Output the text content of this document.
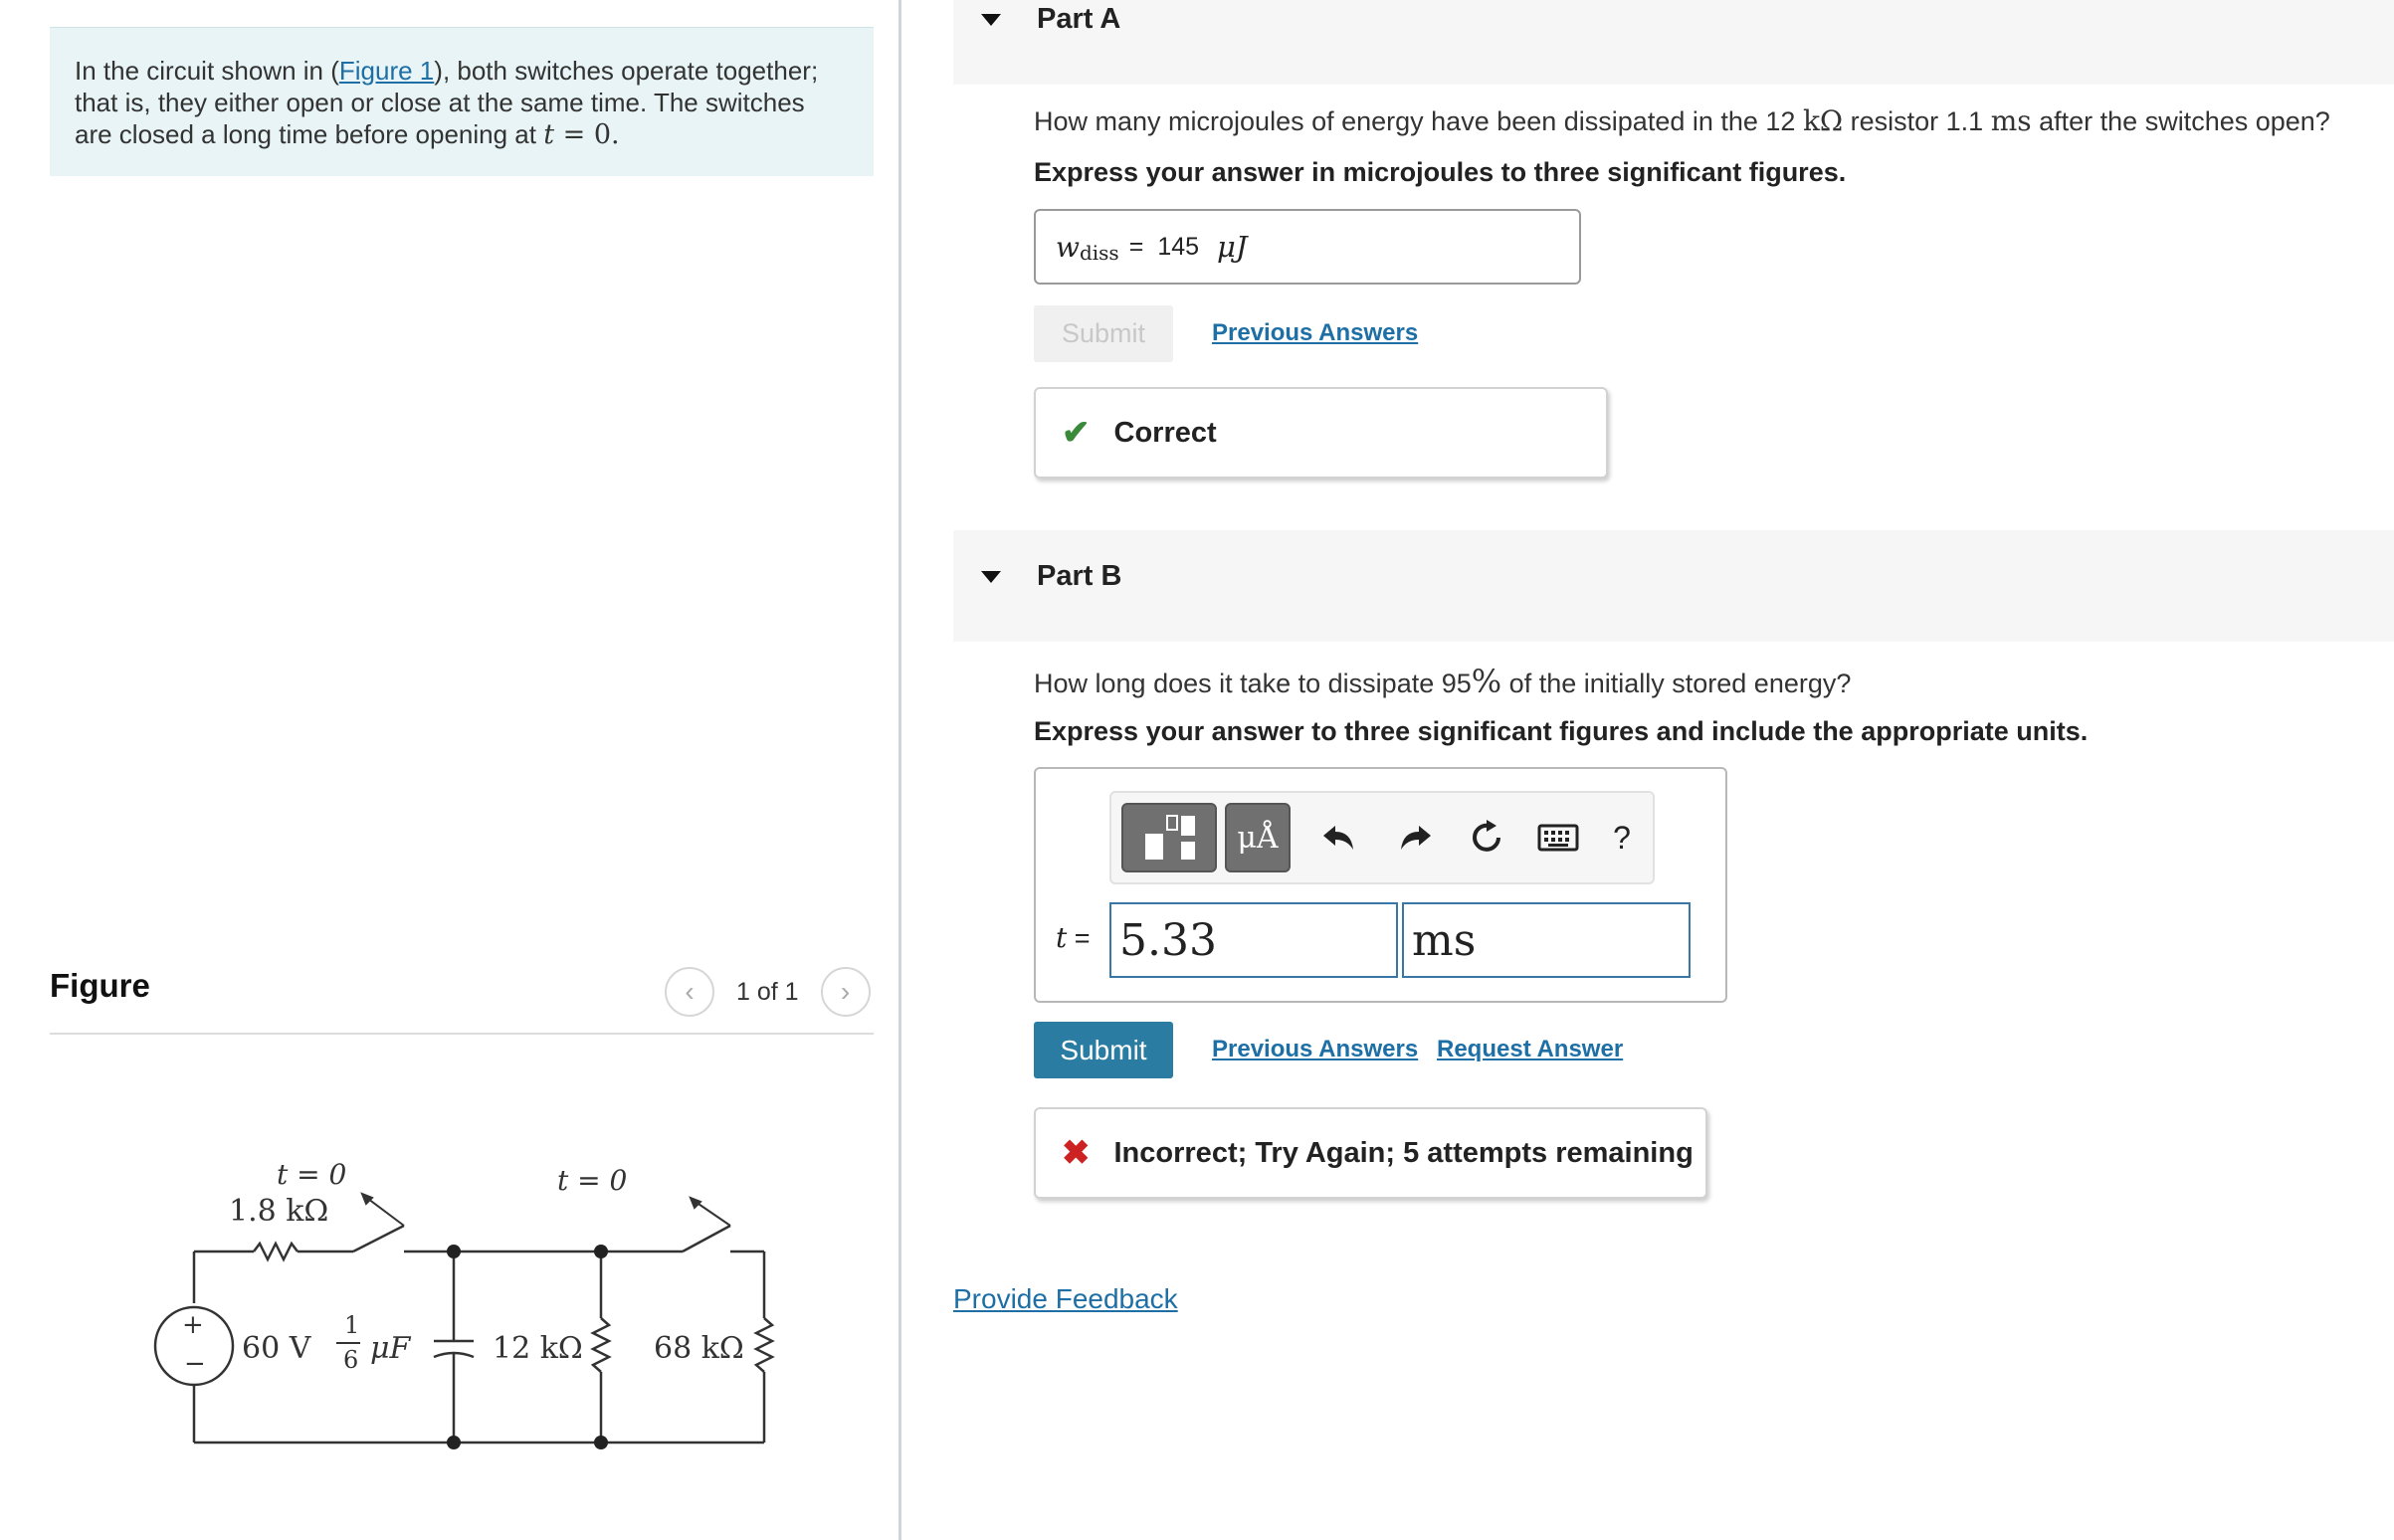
In the circuit shown in (Figure 1), both switches operate together; that is, they either open or close at the same time. The switches are closed a long time before opening at t = 0.
Figure	‹	1 of 1	›
t = 0
1.8 kΩ
t = 0
+
− 60 V
1
6 μF	12 kΩ 68 kΩ
Part A
How many microjoules of energy have been dissipated in the 12 kΩ resistor 1.1 ms after the switches open?
Express your answer in microjoules to three significant figures.
w diss = 145 μJ
Submit	Previous Answers
✔ Correct
Part B
How long does it take to dissipate 95% of the initially stored energy?
Express your answer to three significant figures and include the appropriate units.
μÅ	?
t = 5.33	ms
Submit	Previous Answers Request Answer
✖ Incorrect; Try Again; 5 attempts remaining
Provide Feedback
